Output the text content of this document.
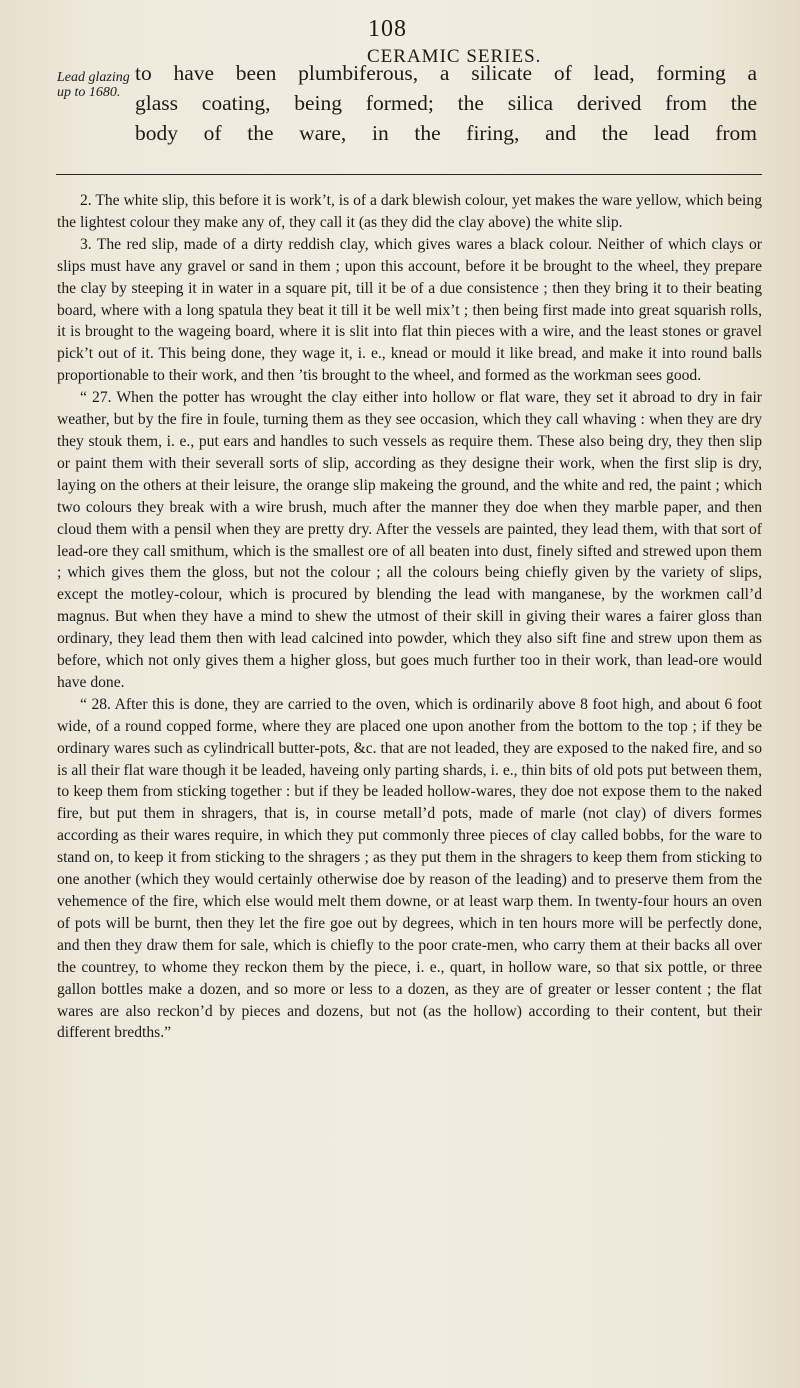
108
CERAMIC SERIES.
Lead glazing up to 1680.
to have been plumbiferous, a silicate of lead, forming a
glass coating, being formed; the silica derived from the
body of the ware, in the firing, and the lead from

2. The white slip, this before it is work’t, is of a dark blewish colour, yet makes the ware yellow, which being the lightest colour they make any of, they call it (as they did the clay above) the white slip.

3. The red slip, made of a dirty reddish clay, which gives wares a black colour. Neither of which clays or slips must have any gravel or sand in them ; upon this account, before it be brought to the wheel, they prepare the clay by steeping it in water in a square pit, till it be of a due consistence ; then they bring it to their beating board, where with a long spatula they beat it till it be well mix’t ; then being first made into great squarish rolls, it is brought to the wageing board, where it is slit into flat thin pieces with a wire, and the least stones or gravel pick’t out of it. This being done, they wage it, i. e., knead or mould it like bread, and make it into round balls proportionable to their work, and then ’tis brought to the wheel, and formed as the workman sees good.

“ 27. When the potter has wrought the clay either into hollow or flat ware, they set it abroad to dry in fair weather, but by the fire in foule, turning them as they see occasion, which they call whaving : when they are dry they stouk them, i. e., put ears and handles to such vessels as require them. These also being dry, they then slip or paint them with their severall sorts of slip, according as they designe their work, when the first slip is dry, laying on the others at their leisure, the orange slip makeing the ground, and the white and red, the paint ; which two colours they break with a wire brush, much after the manner they doe when they marble paper, and then cloud them with a pensil when they are pretty dry. After the vessels are painted, they lead them, with that sort of lead-ore they call smithum, which is the smallest ore of all beaten into dust, finely sifted and strewed upon them ; which gives them the gloss, but not the colour ; all the colours being chiefly given by the variety of slips, except the motley-colour, which is procured by blending the lead with manganese, by the workmen call’d magnus. But when they have a mind to shew the utmost of their skill in giving their wares a fairer gloss than ordinary, they lead them then with lead calcined into powder, which they also sift fine and strew upon them as before, which not only gives them a higher gloss, but goes much further too in their work, than lead-ore would have done.

“ 28. After this is done, they are carried to the oven, which is ordinarily above 8 foot high, and about 6 foot wide, of a round copped forme, where they are placed one upon another from the bottom to the top ; if they be ordinary wares such as cylindricall butter-pots, &c. that are not leaded, they are exposed to the naked fire, and so is all their flat ware though it be leaded, haveing only parting shards, i. e., thin bits of old pots put between them, to keep them from sticking together : but if they be leaded hollow-wares, they doe not expose them to the naked fire, but put them in shragers, that is, in course metall’d pots, made of marle (not clay) of divers formes according as their wares require, in which they put commonly three pieces of clay called bobbs, for the ware to stand on, to keep it from sticking to the shragers ; as they put them in the shragers to keep them from sticking to one another (which they would certainly otherwise doe by reason of the leading) and to preserve them from the vehemence of the fire, which else would melt them downe, or at least warp them. In twenty-four hours an oven of pots will be burnt, then they let the fire goe out by degrees, which in ten hours more will be perfectly done, and then they draw them for sale, which is chiefly to the poor crate-men, who carry them at their backs all over the countrey, to whome they reckon them by the piece, i. e., quart, in hollow ware, so that six pottle, or three gallon bottles make a dozen, and so more or less to a dozen, as they are of greater or lesser content ; the flat wares are also reckon’d by pieces and dozens, but not (as the hollow) according to their content, but their different bredths.”
